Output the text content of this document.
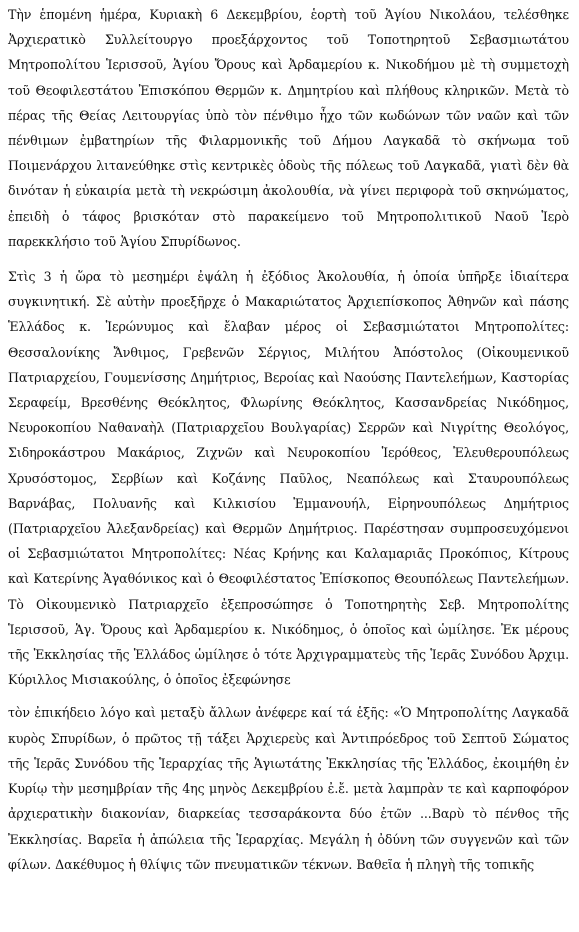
Τὴν ἑπομένη ἡμέρα, Κυριακὴ 6 Δεκεμβρίου, ἑορτὴ τοῦ Ἁγίου Νικολάου, τελέσθηκε Ἀρχιερατικὸ Συλλείτουργο προεξάρχοντος τοῦ Τοποτηρητοῦ Σεβασμιωτάτου Μητροπολίτου Ἱερισσοῦ, Ἁγίου Ὄρους καὶ Ἀρδαμερίου κ. Νικοδήμου μὲ τὴ συμμετοχὴ τοῦ Θεοφιλεστάτου Ἐπισκόπου Θερμῶν κ. Δημητρίου καὶ πλήθους κληρικῶν. Μετὰ τὸ πέρας τῆς Θείας Λειτουργίας ὑπὸ τὸν πένθιμο ἦχο τῶν κωδώνων τῶν ναῶν καὶ τῶν πένθιμων ἐμβατηρίων τῆς Φιλαρμονικῆς τοῦ Δήμου Λαγκαδᾶ τὸ σκήνωμα τοῦ Ποιμενάρχου λιτανεύθηκε στὶς κεντρικὲς ὁδοὺς τῆς πόλεως τοῦ Λαγκαδᾶ, γιατὶ δὲν θὰ δινόταν ἡ εὐκαιρία μετὰ τὴ νεκρώσιμη ἀκολουθία, νὰ γίνει περιφορὰ τοῦ σκηνώματος, ἐπειδὴ ὁ τάφος βρισκόταν στὸ παρακείμενο τοῦ Μητροπολιτικοῦ Ναοῦ Ἱερὸ παρεκκλήσιο τοῦ Ἁγίου Σπυρίδωνος.

Στὶς 3 ἡ ὥρα τὸ μεσημέρι ἐψάλη ἡ ἐξόδιος Ἀκολουθία, ἡ ὁποία ὑπῆρξε ἰδιαίτερα συγκινητική. Σὲ αὐτὴν προεξῆρχε ὁ Μακαριώτατος Ἀρχιεπίσκοπος Ἀθηνῶν καὶ πάσης Ἑλλάδος κ. Ἱερώνυμος καὶ ἔλαβαν μέρος οἱ Σεβασμιώτατοι Μητροπολίτες: Θεσσαλονίκης Ἄνθιμος, Γρεβενῶν Σέργιος, Μιλήτου Ἀπόστολος (Οἰκουμενικοῦ Πατριαρχείου, Γουμενίσσης Δημήτριος, Βεροίας καὶ Ναούσης Παντελεήμων, Καστορίας Σεραφείμ, Βρεσθένης Θεόκλητος, Φλωρίνης Θεόκλητος, Κασσανδρείας Νικόδημος, Νευροκοπίου Ναθαναὴλ (Πατριαρχεῖου Βουλγαρίας) Σερρῶν καὶ Νιγρίτης Θεολόγος, Σιδηροκάστρου Μακάριος, Ζιχνῶν καὶ Νευροκοπίου Ἱερόθεος, Ἐλευθερουπόλεως Χρυσόστομος, Σερβίων καὶ Κοζάνης Παῦλος, Νεαπόλεως καὶ Σταυρουπόλεως Βαρνάβας, Πολυανῆς καὶ Κιλκισίου Ἐμμανουήλ, Εἰρηνουπόλεως Δημήτριος (Πατριαρχεῖου Ἀλεξανδρείας) καὶ Θερμῶν Δημήτριος. Παρέστησαν συμπροσευχόμενοι οἱ Σεβασμιώτατοι Μητροπολίτες: Νέας Κρήνης και Καλαμαριᾶς Προκόπιος, Κίτρους καὶ Κατερίνης Ἀγαθόνικος καὶ ὁ Θεοφιλέστατος Ἐπίσκοπος Θεουπόλεως Παντελεήμων. Τὸ Οἰκουμενικὸ Πατριαρχεῖο ἐξεπροσώπησε ὁ Τοποτηρητὴς Σεβ. Μητροπολίτης Ἱερισσοῦ, Ἁγ. Ὄρους καὶ Ἀρδαμερίου κ. Νικόδημος, ὁ ὁποῖος καὶ ὡμίλησε. Ἐκ μέρους τῆς Ἐκκλησίας τῆς Ἑλλάδος ὡμίλησε ὁ τότε Ἀρχιγραμματεὺς τῆς Ἱερᾶς Συνόδου Ἀρχιμ. Κύριλλος Μισιακούλης, ὁ ὁποῖος ἐξεφώνησε

τὸν ἐπικήδειο λόγο καὶ μεταξὺ ἄλλων ἀνέφερε καί τά ἑξῆς: «Ὁ Μητροπολίτης Λαγκαδᾶ κυρὸς Σπυρίδων, ὁ πρῶτος τῇ τάξει Ἀρχιερεὺς καὶ Ἀντιπρόεδρος τοῦ Σεπτοῦ Σώματος τῆς Ἱερᾶς Συνόδου τῆς Ἱεραρχίας τῆς Ἁγιωτάτης Ἐκκλησίας τῆς Ἑλλάδος, ἐκοιμήθη ἐν Κυρίῳ τὴν μεσημβρίαν τῆς 4ης μηνὸς Δεκεμβρίου ἐ.ἔ. μετὰ λαμπρὰν τε καὶ καρποφόρον ἀρχιερατικὴν διακονίαν, διαρκείας τεσσαράκοντα δύο ἐτῶν ...Βαρὺ τὸ πένθος τῆς Ἐκκλησίας. Βαρεῖα ἡ ἀπώλεια τῆς Ἱεραρχίας. Μεγάλη ἡ ὀδύνη τῶν συγγενῶν καὶ τῶν φίλων. Δακέθυμος ἡ θλίψις τῶν πνευματικῶν τέκνων. Βαθεῖα ἡ πληγὴ τῆς τοπικῆς
